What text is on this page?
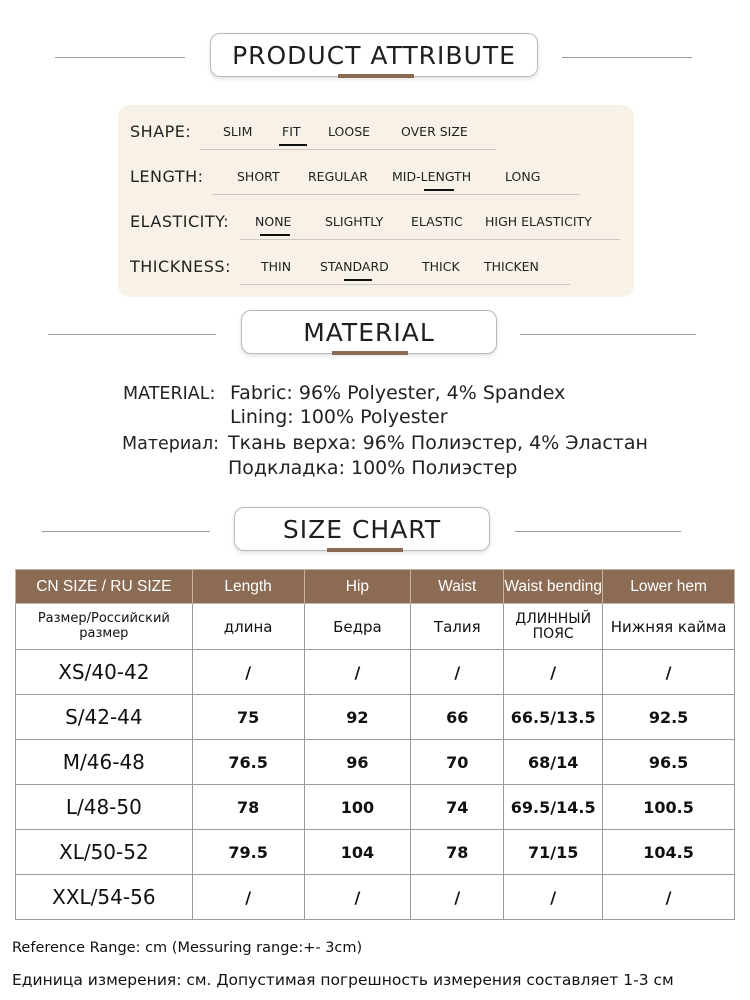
PRODUCT ATTRIBUTE
SHAPE:	SLIM FIT LOOSE OVER SIZE
LENGTH:	SHORT REGULAR MID-LENGTH	LONG
ELASTICITY: NONE	SLIGHTLY ELASTIC HIGH ELASTICITY
THICKNESS: THIN STANDARD	THICK THICKEN
MATERIAL
MATERIAL: Fabric: 96% Polyester, 4% Spandex
Lining: 100% Polyester
Материал: Ткань верха: 96% Полиэстер, 4% Эластан
Подкладка: 100% Полиэстер
SIZE CHART
CN SIZE / RU SIZE	Length	Hip	Waist	Waist bending	Lower hem
Размер/Российский размер	длина	Бедра	Талия	ДЛИННЫЙ ПОЯС	Нижняя кайма
XS/40-42	/	/	/	/	/
S/42-44	75	92	66	66.5/13.5	92.5
M/46-48	76.5	96	70	68/14	96.5
L/48-50	78	100	74	69.5/14.5	100.5
XL/50-52	79.5	104	78	71/15	104.5
XXL/54-56	/	/	/	/	/
Reference Range: cm (Messuring range:+- 3cm)
Единица измерения: см. Допустимая погрешность измерения составляет 1-3 см
